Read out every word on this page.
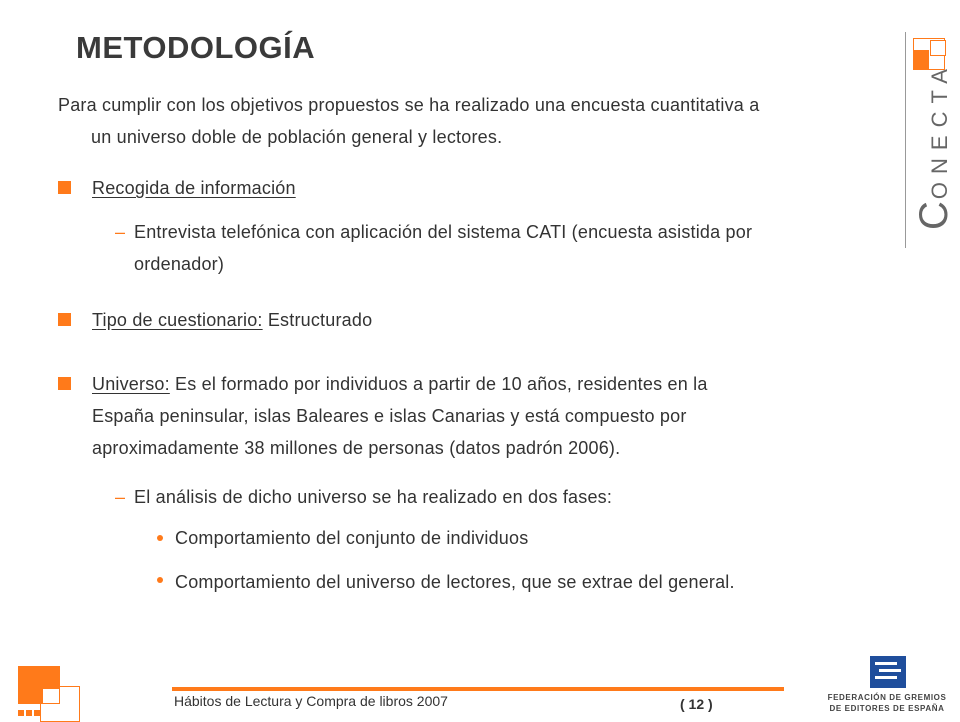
METODOLOGÍA
Para cumplir con los objetivos propuestos se ha realizado una encuesta cuantitativa a
un universo doble de población general y lectores.
Recogida de información
– Entrevista telefónica con aplicación del sistema CATI (encuesta asistida por
ordenador)
Tipo de cuestionario: Estructurado
Universo: Es el formado por individuos a partir de 10 años, residentes en la
España peninsular, islas Baleares e islas Canarias y está compuesto por
aproximadamente 38 millones de personas (datos padrón 2006).
– El análisis de dicho universo se ha realizado en dos fases:
Comportamiento del conjunto de individuos
Comportamiento del universo de lectores, que se extrae del general.
CONECTA
Hábitos de Lectura y Compra de libros 2007	( 12 )	FEDERACIÓN DE GREMIOS
DE EDITORES DE ESPAÑA
